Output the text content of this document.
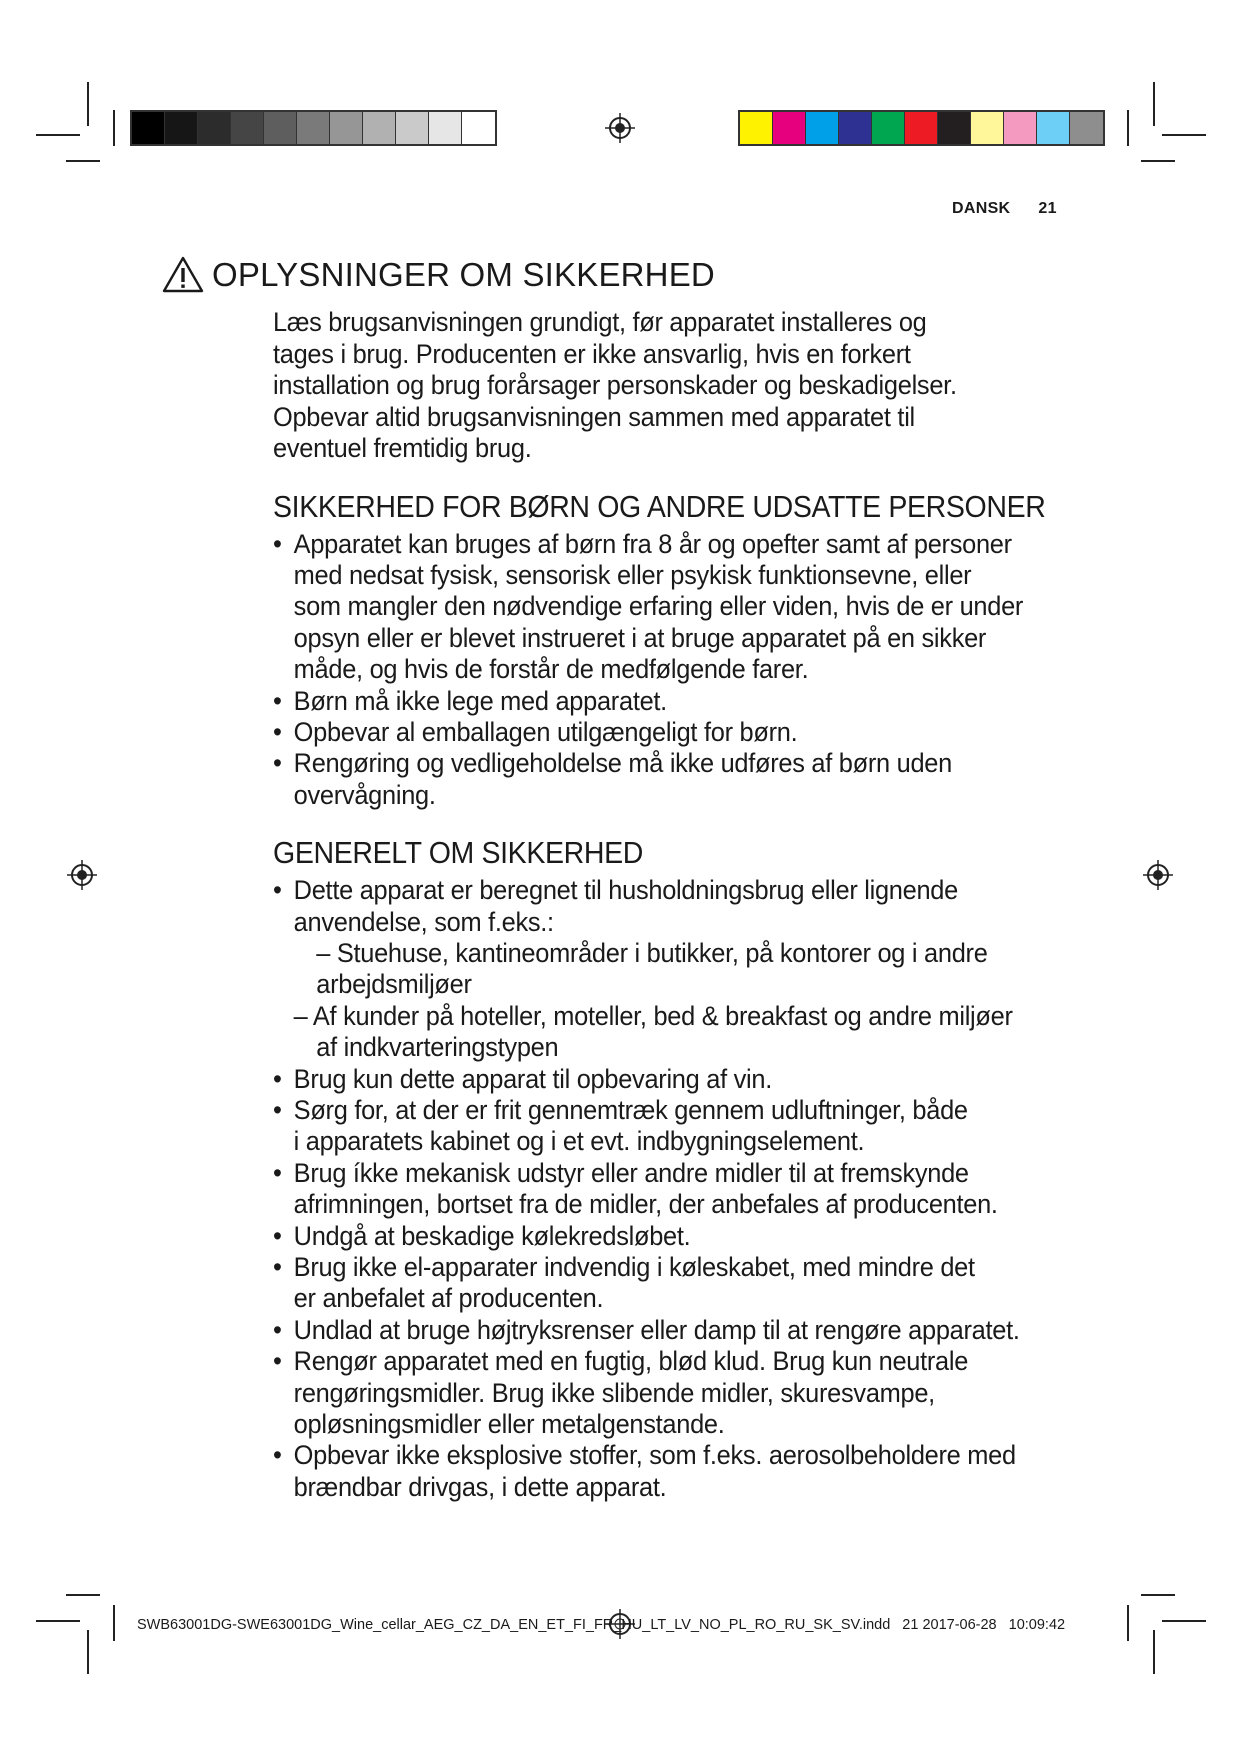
DANSK 21
OPLYSNINGER OM SIKKERHED
Læs brugsanvisningen grundigt, før apparatet installeres og
tages i brug. Producenten er ikke ansvarlig, hvis en forkert
installation og brug forårsager personskader og beskadigelser.
Opbevar altid brugsanvisningen sammen med apparatet til
eventuel fremtidig brug.
SIKKERHED FOR BØRN OG ANDRE UDSATTE PERSONER
• Apparatet kan bruges af børn fra 8 år og opefter samt af personer
med nedsat fysisk, sensorisk eller psykisk funktionsevne, eller
som mangler den nødvendige erfaring eller viden, hvis de er under
opsyn eller er blevet instrueret i at bruge apparatet på en sikker
måde, og hvis de forstår de medfølgende farer.
• Børn må ikke lege med apparatet.
• Opbevar al emballagen utilgængeligt for børn.
• Rengøring og vedligeholdelse må ikke udføres af børn uden
overvågning.
GENERELT OM SIKKERHED
• Dette apparat er beregnet til husholdningsbrug eller lignende
anvendelse, som f.eks.:
– Stuehuse, kantineområder i butikker, på kontorer og i andre
arbejdsmiljøer
– Af kunder på hoteller, moteller, bed & breakfast og andre miljøer
af indkvarteringstypen
• Brug kun dette apparat til opbevaring af vin.
• Sørg for, at der er frit gennemtræk gennem udluftninger, både
i apparatets kabinet og i et evt. indbygningselement.
• Brug íkke mekanisk udstyr eller andre midler til at fremskynde
afrimningen, bortset fra de midler, der anbefales af producenten.
• Undgå at beskadige kølekredsløbet.
• Brug ikke el-apparater indvendig i køleskabet, med mindre det
er anbefalet af producenten.
• Undlad at bruge højtryksrenser eller damp til at rengøre apparatet.
• Rengør apparatet med en fugtig, blød klud. Brug kun neutrale
rengøringsmidler. Brug ikke slibende midler, skuresvampe,
opløsningsmidler eller metalgenstande.
• Opbevar ikke eksplosive stoffer, som f.eks. aerosolbeholdere med
brændbar drivgas, i dette apparat.
SWB63001DG-SWE63001DG_Wine_cellar_AEG_CZ_DA_EN_ET_FI_FR_HU_LT_LV_NO_PL_RO_RU_SK_SV.indd 21 2017-06-28 10:09:42
